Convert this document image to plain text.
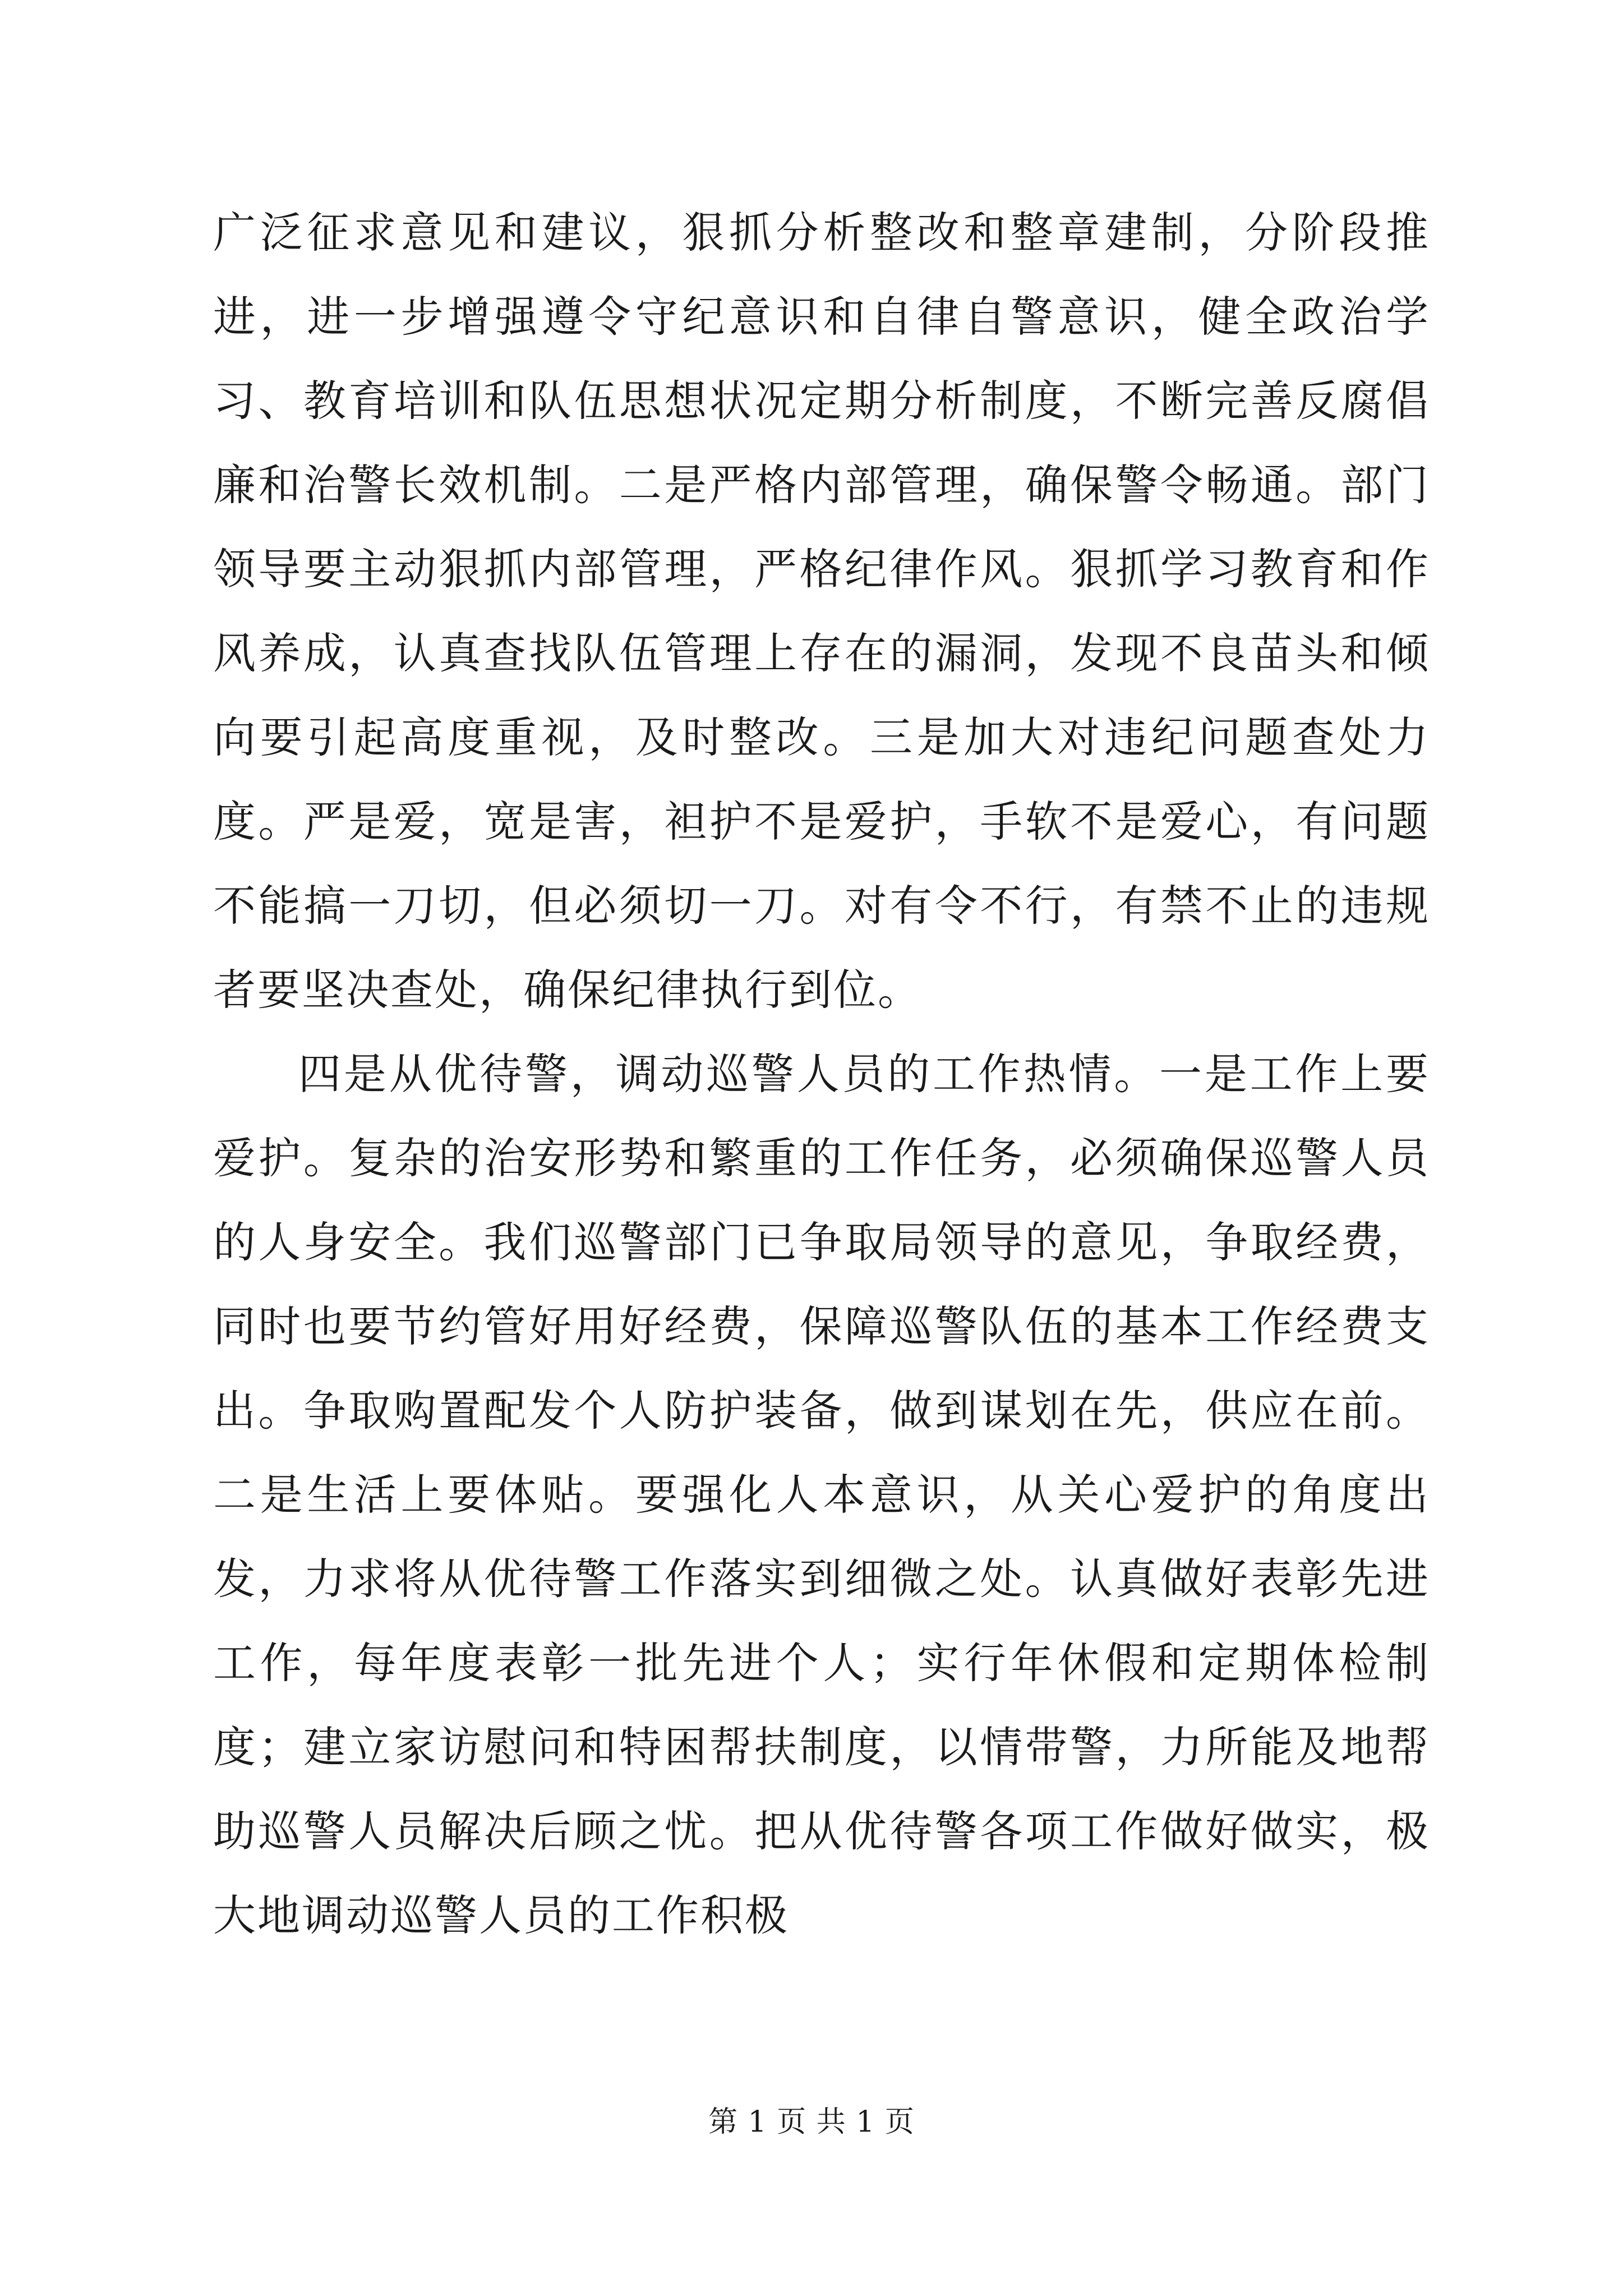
广泛征求意见和建议，狠抓分析整改和整章建制，分阶段推进，进一步增强遵令守纪意识和自律自警意识，健全政治学习、教育培训和队伍思想状况定期分析制度，不断完善反腐倡廉和治警长效机制。二是严格内部管理，确保警令畅通。部门领导要主动狠抓内部管理，严格纪律作风。狠抓学习教育和作风养成，认真查找队伍管理上存在的漏洞，发现不良苗头和倾向要引起高度重视，及时整改。三是加大对违纪问题查处力度。严是爱，宽是害，袒护不是爱护，手软不是爱心，有问题不能搞一刀切，但必须切一刀。对有令不行，有禁不止的违规者要坚决查处，确保纪律执行到位。

四是从优待警，调动巡警人员的工作热情。一是工作上要爱护。复杂的治安形势和繁重的工作任务，必须确保巡警人员的人身安全。我们巡警部门已争取局领导的意见，争取经费，同时也要节约管好用好经费，保障巡警队伍的基本工作经费支出。争取购置配发个人防护装备，做到谋划在先，供应在前。二是生活上要体贴。要强化人本意识，从关心爱护的角度出发，力求将从优待警工作落实到细微之处。认真做好表彰先进工作，每年度表彰一批先进个人；实行年休假和定期体检制度；建立家访慰问和特困帮扶制度，以情带警，力所能及地帮助巡警人员解决后顾之忧。把从优待警各项工作做好做实，极大地调动巡警人员的工作积极

第 1 页 共 1 页
